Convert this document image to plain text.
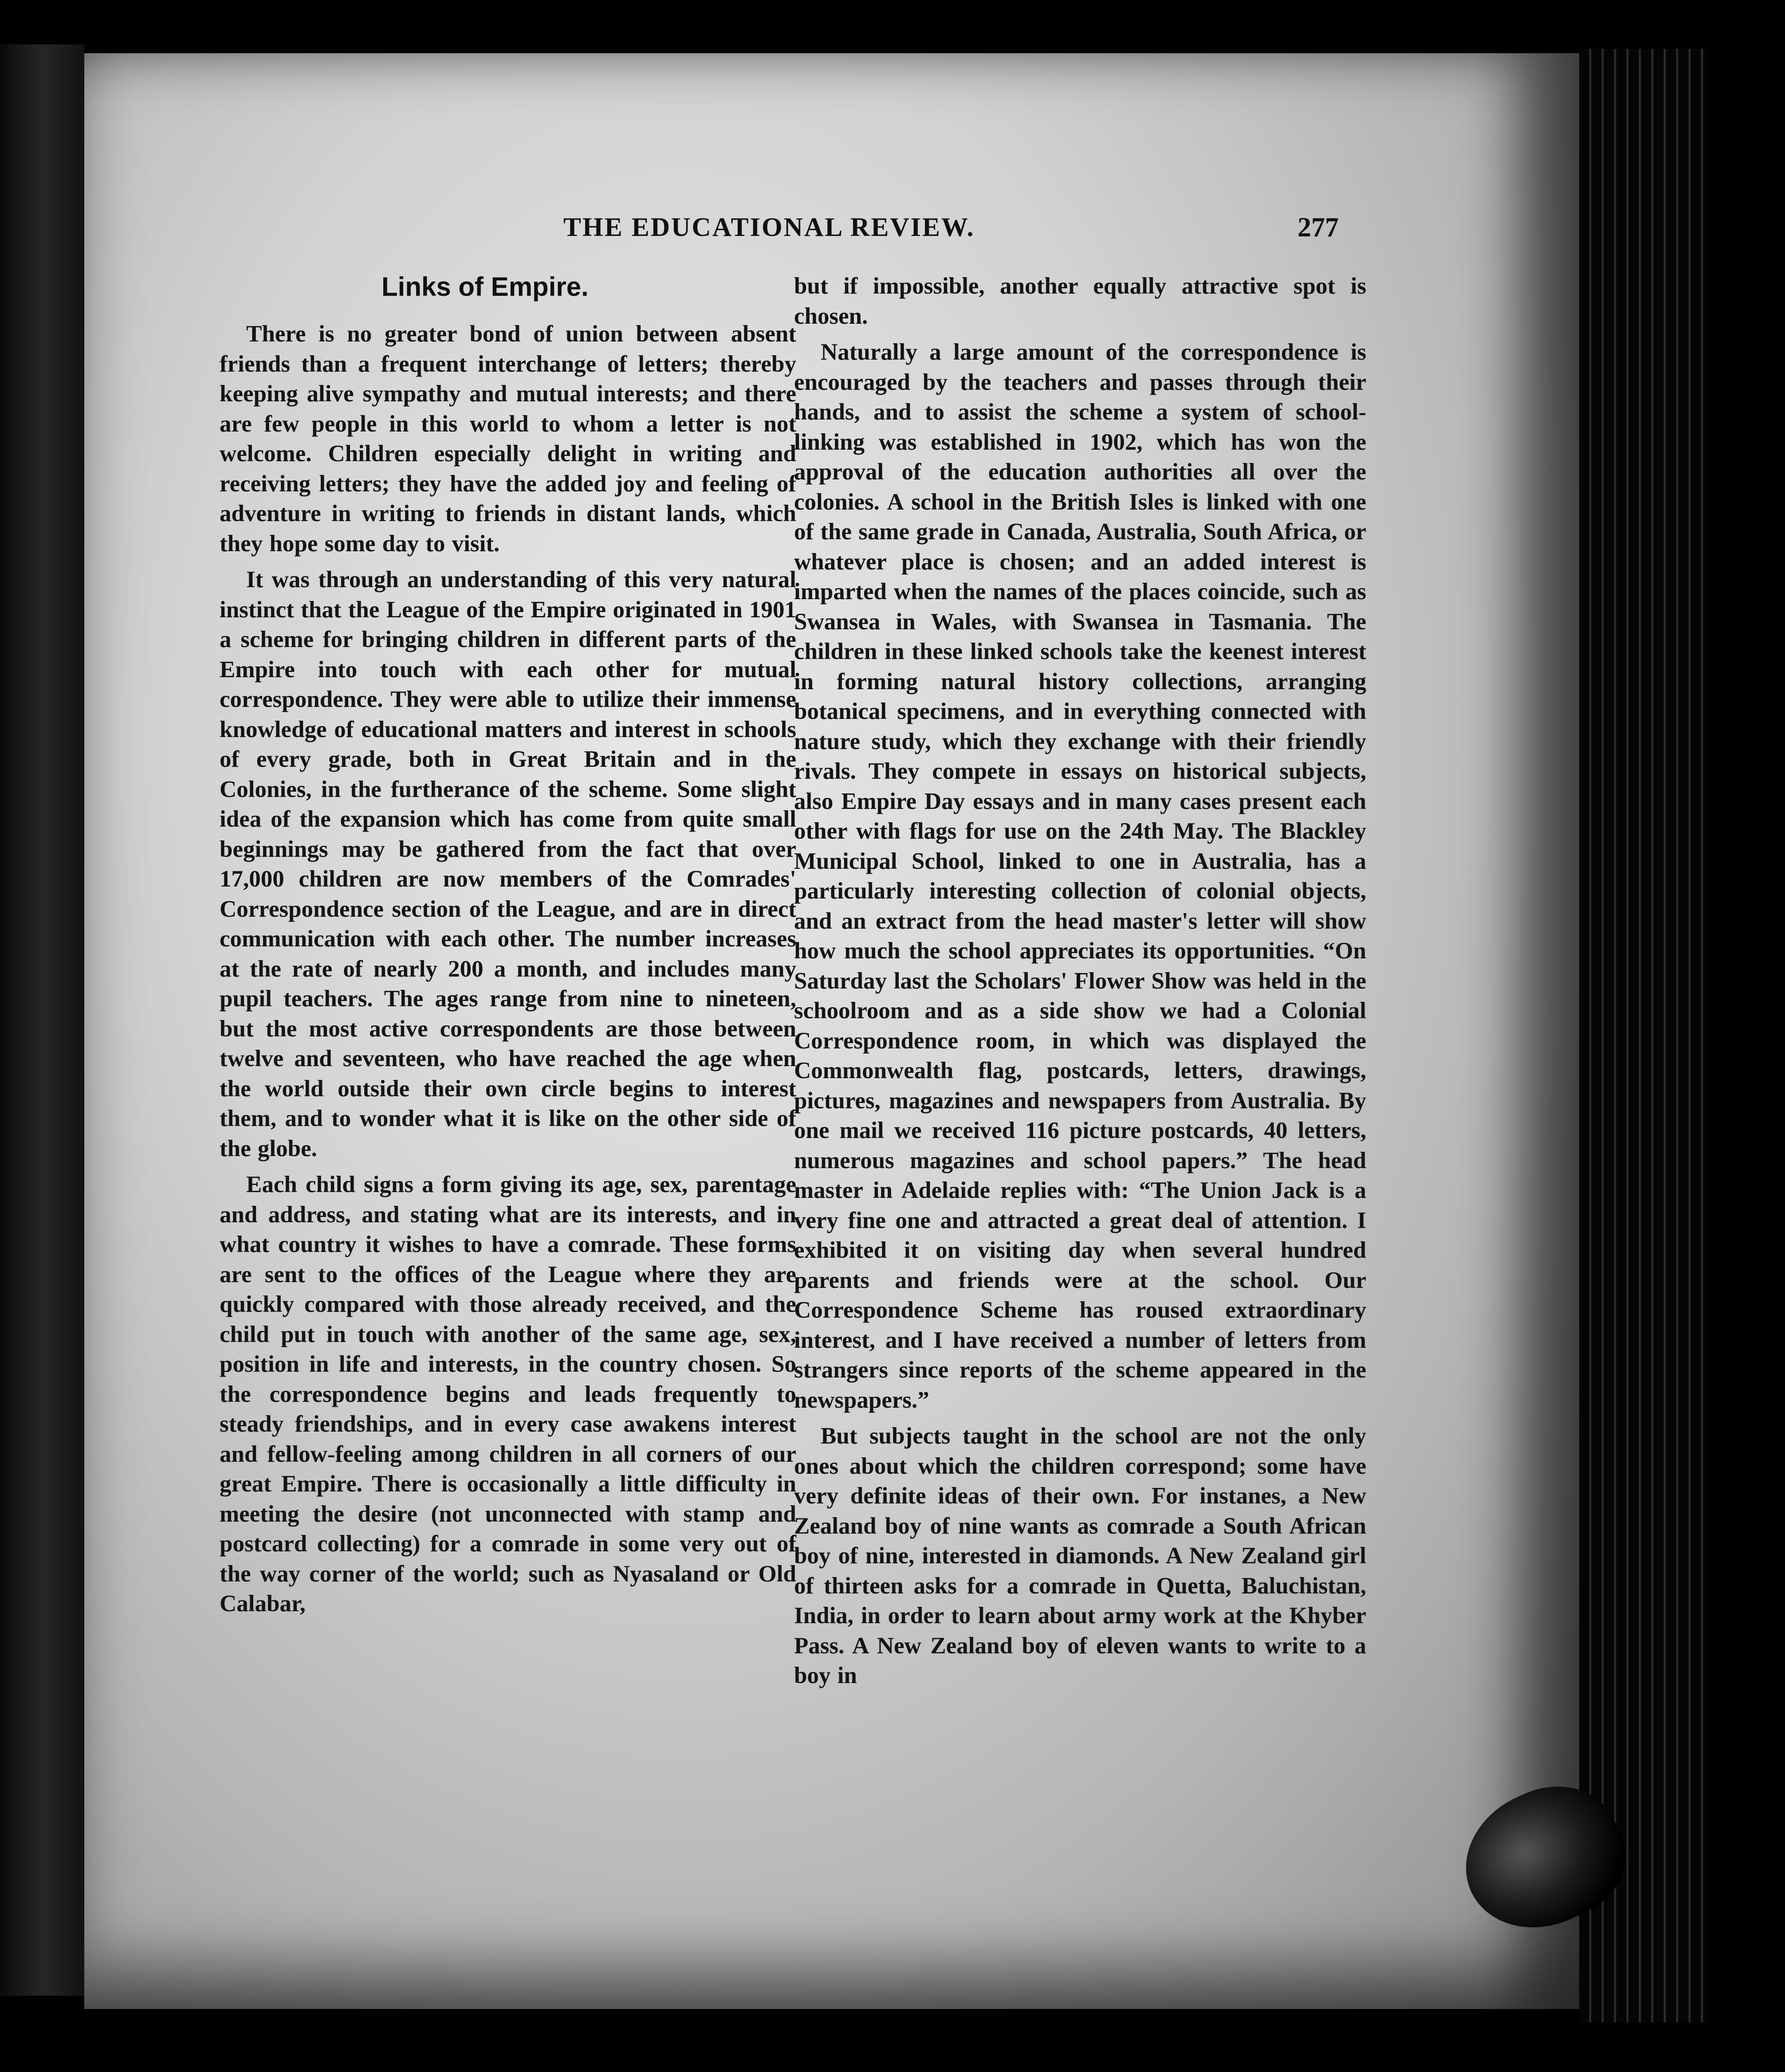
THE EDUCATIONAL REVIEW.	277
Links of Empire.

There is no greater bond of union between absent friends than a frequent interchange of letters; thereby keeping alive sympathy and mutual interests; and there are few people in this world to whom a letter is not welcome. Children especially delight in writing and receiving letters; they have the added joy and feeling of adventure in writing to friends in distant lands, which they hope some day to visit.

It was through an understanding of this very natural instinct that the League of the Empire originated in 1901 a scheme for bringing children in different parts of the Empire into touch with each other for mutual correspondence. They were able to utilize their immense knowledge of educational matters and interest in schools of every grade, both in Great Britain and in the Colonies, in the furtherance of the scheme. Some slight idea of the expansion which has come from quite small beginnings may be gathered from the fact that over 17,000 children are now members of the Comrades' Correspondence section of the League, and are in direct communication with each other. The number increases at the rate of nearly 200 a month, and includes many pupil teachers. The ages range from nine to nineteen, but the most active correspondents are those between twelve and seventeen, who have reached the age when the world outside their own circle begins to interest them, and to wonder what it is like on the other side of the globe.

Each child signs a form giving its age, sex, parentage and address, and stating what are its interests, and in what country it wishes to have a comrade. These forms are sent to the offices of the League where they are quickly compared with those already received, and the child put in touch with another of the same age, sex, position in life and interests, in the country chosen. So the correspondence begins and leads frequently to steady friendships, and in every case awakens interest and fellow-feeling among children in all corners of our great Empire. There is occasionally a little difficulty in meeting the desire (not unconnected with stamp and postcard collecting) for a comrade in some very out of the way corner of the world; such as Nyasaland or Old Calabar,

but if impossible, another equally attractive spot is chosen.

Naturally a large amount of the correspondence is encouraged by the teachers and passes through their hands, and to assist the scheme a system of school-linking was established in 1902, which has won the approval of the education authorities all over the colonies. A school in the British Isles is linked with one of the same grade in Canada, Australia, South Africa, or whatever place is chosen; and an added interest is imparted when the names of the places coincide, such as Swansea in Wales, with Swansea in Tasmania. The children in these linked schools take the keenest interest in forming natural history collections, arranging botanical specimens, and in everything connected with nature study, which they exchange with their friendly rivals. They compete in essays on historical subjects, also Empire Day essays and in many cases present each other with flags for use on the 24th May. The Blackley Municipal School, linked to one in Australia, has a particularly interesting collection of colonial objects, and an extract from the head master's letter will show how much the school appreciates its opportunities. “On Saturday last the Scholars' Flower Show was held in the schoolroom and as a side show we had a Colonial Correspondence room, in which was displayed the Commonwealth flag, postcards, letters, drawings, pictures, magazines and newspapers from Australia. By one mail we received 116 picture postcards, 40 letters, numerous magazines and school papers.” The head master in Adelaide replies with: “The Union Jack is a very fine one and attracted a great deal of attention. I exhibited it on visiting day when several hundred parents and friends were at the school. Our Correspondence Scheme has roused extraordinary interest, and I have received a number of letters from strangers since reports of the scheme appeared in the newspapers.”

But subjects taught in the school are not the only ones about which the children correspond; some have very definite ideas of their own. For instanes, a New Zealand boy of nine wants as comrade a South African boy of nine, interested in diamonds. A New Zealand girl of thirteen asks for a comrade in Quetta, Baluchistan, India, in order to learn about army work at the Khyber Pass. A New Zealand boy of eleven wants to write to a boy in
